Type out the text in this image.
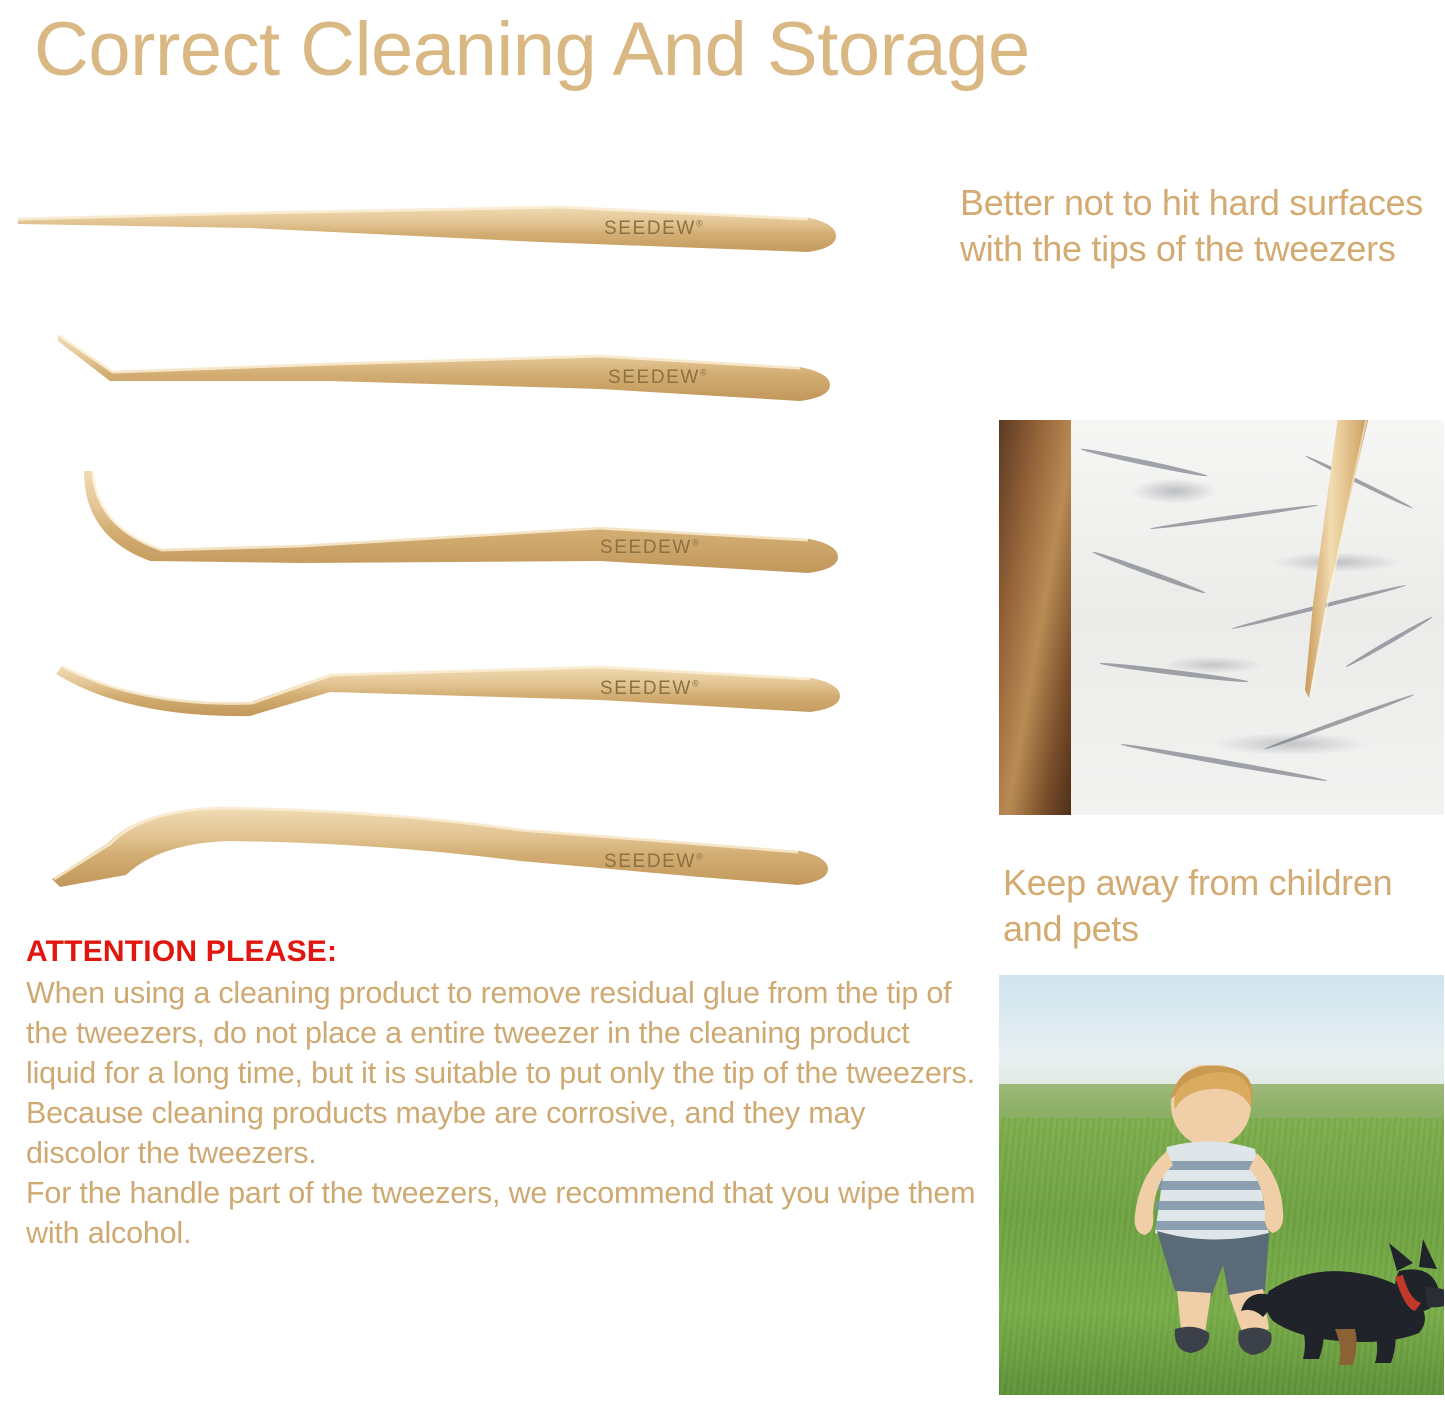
Correct Cleaning And Storage
SEEDEW®
SEEDEW®
SEEDEW®
SEEDEW®
SEEDEW®
ATTENTION PLEASE:
When using a cleaning product to remove residual glue from the tip of the tweezers, do not place a entire tweezer in the cleaning product liquid for a long time, but it is suitable to put only the tip of the tweezers. Because cleaning products maybe are corrosive, and they may discolor the tweezers.
For the handle part of the tweezers, we recommend that you wipe them with alcohol.
Better not to hit hard surfaces with the tips of the tweezers
Keep away from children and pets
